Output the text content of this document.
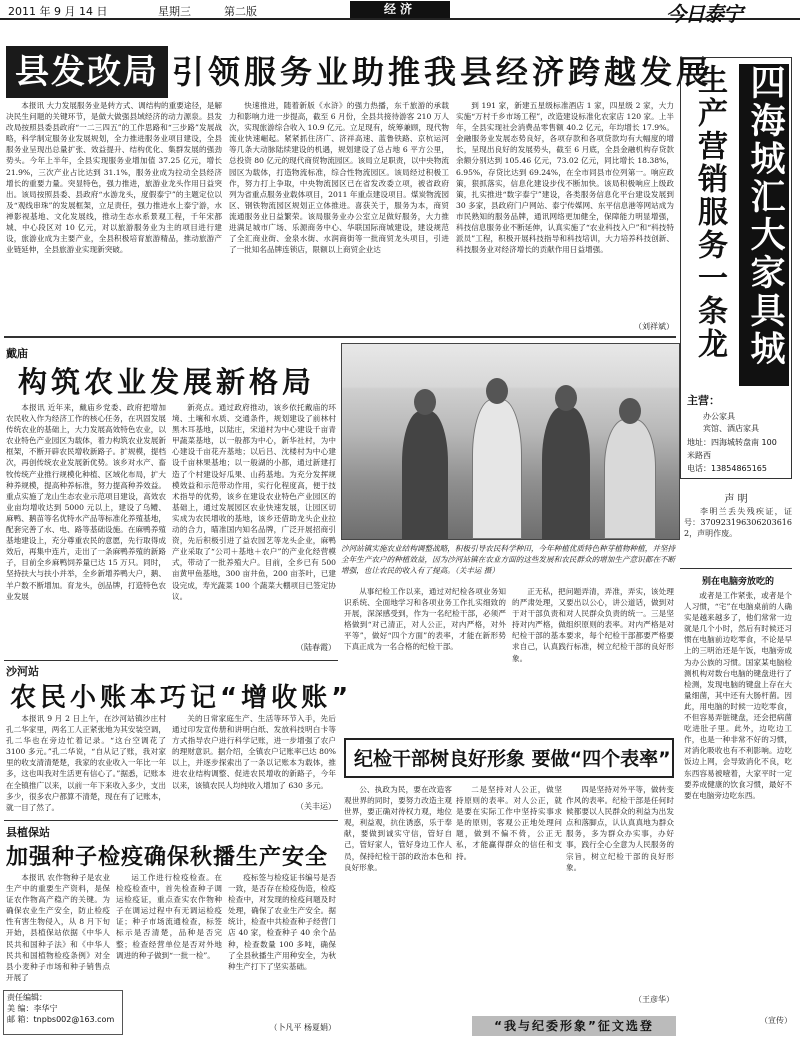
2011 年 9 月 14 日	星期三	第二版	经济	今日泰宁
县发改局 引领服务业助推我县经济跨越发展

本报讯 大力发展服务业是转方式、调结构的重要途径，是解决民生问题的关键环节，是做大做强县域经济的动力源泉。县发改局按照县委县政府“一二三四五”的工作思路和“三步路”发展战略，科学制定服务业发展规划，全力推进服务业项目建设，全县服务业呈现出总量扩张、效益提升、结构优化、集群发展的强劲势头。今年上半年，全县实现服务业增加值 37.25 亿元，增长 21.9%，三次产业占比达到 31.1%，服务业成为拉动全县经济增长的重要力量。突显特色，强力推进，旅游业龙头作用日益突出。该局按照县委、县政府“水游龙头，度假泰宁”的主题定位以及“观线串珠”的发展框架，立足责任，强力推进水上泰宁游，水禅影视基地、文化发展线，推动生态水系景观工程，千年宋都城、中心段区对 10 亿元，对以旅游服务业为主的项目进行建设，旅游业成为主要产业，全县积极培育旅游精品，推动旅游产业链延伸，全县旅游业实现新突破。

快速推进，随着新版《水浒》的强力热播，东千旅游的承载力和影响力进一步提高，截至 6 月份，全县共接待游客 210 万人次，实现旅游综合收入 10.9 亿元。立足现有，统筹兼顾，现代物流业快速崛起。紧紧抓住济广、济祥高速、蓝鲁铁路、京杭运河等几条大动脉陆续建设的机遇，规划建设了总占地 6 平方公里，总投资 80 亿元的现代商贸物流园区。该局立足职责，以中央物流园区为载体，打造物流标准，综合性物流园区。该局经过积极工作，努力打上争取，中央物流园区已在省发改委立项，被省政府列为省重点服务业载体项目，2011 年重点建设项目。煤炭物流园区、钢铁物流园区规划正立体推进。喜获关于，服务为本，商贸流通服务业日益繁荣。该局服务业办公室立足做好服务，大力推进满足城市广场、乐源商务中心、华联国际商城建设，建设规范了全汇商业街、金泉水街、水润商街等一批商贸龙头项目，引进了一批知名品牌连锁店，限额以上商贸企业达

到 191 家，新建五星级标准酒店 1 家，四星级 2 家，大力实施“万村千乡市场工程”，改造建设标准化农家店 120 家。上半年，全县实现社会消费品零售额 40.2 亿元，年均增长 17.9%。金融服务业发展态势良好，各项存款和各项贷款均有大幅度的增长，呈现出良好的发展势头，截至 6 月底，全县金融机构存贷款余额分别达到 105.46 亿元，73.02 亿元，同比增长 18.38%，6.95%，存贷比达到 69.24%，在全市同县市位列第一。响应政策，狠抓落实，信息化建设步伐不断加快。该局积极响应上级政策，扎实推进“数字泰宁”建设，各类服务信息化平台建设发展到 30 多家，县政府门户网站、泰宁传媒网、东平信息港等网站成为市民熟知的服务品牌，通讯网络更加健全，保障能力明显增强，科技信息服务业不断延伸，认真实施了“农业科技入户”和“科技特派员”工程，积极开展科技指导和科技培训，大力培养科技创新、科技服务业对经济增长的贡献作用日益增强。

（刘祥斌） 四海城汇大家具城
生产营销服务一条龙
主营：
办公家具
宾馆、酒店家具
地址：四海城转盘南 100 米路西
电话：13854865165
声 明

李明兰丢失残疾证，证号：370923196306203616 2，声明作废。

别在电脑旁放吃的

或者是工作紧张，或者是个人习惯，“宅”在电脑桌前的人确实是越来越多了，他们常常一边就是几个小时，然后有时候还习惯在电脑前边吃零食，不论是早上的三明治还是午饭，电脑旁成为办公族的习惯。国家某电脑检测机构对数台电脑的键盘进行了检测，发现电脑的键盘上存在大量细菌，其中还有大肠杆菌。因此，用电脑的时候一边吃零食，不但容易弄脏键盘，还会把病菌吃进肚子里。此外，边吃边工作，也是一种非常不好的习惯，对消化吸收也有不利影响。边吃饭边上网，会导致消化不良，吃东西容易被噎着，大家平时一定要养成健康的饮食习惯，最好不要在电脑旁边吃东西。

（宣传）
戴庙
构筑农业发展新格局

本报讯 近年来，戴庙乡党委、政府把增加农民收入作为经济工作的核心任务，在巩固发展传统农业的基础上，大力发展高效特色农业，以农业特色产业园区为载体，着力构筑农业发展新框架，不断开辟农民增收新路子。扩规模，提档次，再创传统农业发展新优势。该乡对水产、畜牧传统产业推行规模化种植、区域化布局，扩大种养规模，提高种养标准，努力提高种养效益。重点实施了龙山生态农业示范项目建设，高效农业亩均增收达到 5000 元以上，建设了乌鳢、麻鸭、鹅苗等名优特水产品等标准化养殖基地，配套完善了水、电、路等基础设施。在麻鸭养殖基地建设上，充分尊重农民的意愿，先行取得成效后，再集中连片，走出了一条麻鸭养殖的新路子，目前全乡麻鸭饲养量已达 15 万只。同时，坚持扶大与扶小并举，全乡新增养鸭大户，鹅、羊户数不断增加。育龙头，创品牌，打造特色农业发展

新亮点。通过政府推动，该乡依托戴庙的环境、土壤和水质、交通条件，规划建设了前林村黑木耳基地，以陆庄，宋道村为中心建设千亩青甲蔬菜基地，以一般都为中心，新华社村，为中心建设千亩花卉基地；以后吕、沈楼村为中心建设千亩林果基地；以一般湖的小都，通过新建打造了个村建设好瓜果、山药基地。为充分发挥规模效益和示范带动作用，实行化程度高，便于技术指导的优势，该乡在建设农业特色产业园区的基础上，通过发展园区农业快速发展，让园区切实成为农民增收的基地，该乡还借助龙头企业拉动的合力，瞄准国内知名品牌，广泛开展招商引资，先后积极引进了益农园艺等龙头企业，麻鸭产业采取了“公司＋基地＋农户”的产业化经营模式，带动了一批养殖大户。目前，全乡已有 500 亩黄甲鱼基地，300 亩井鱼，200 亩茶叶，已建设完成，寿光蔬菜 100 个蔬菜大棚项目已签定协议。

（陆春霞）
沙河站镇实施农业结构调整战略，积极引导农民科学种田，今年种植优质特色种芽植物种植，并坚持全年生产农户的种植效益，因为沙河站镇在农业方面的这些发展和农民群众的增加生产意识都在不断增强，也让农民的收入有了提高。（关丰运 摄）
沙河站
农民小账本巧记“增收账”

本报讯 9 月 2 日上午，在沙河站镇沙庄村孔二华家里，两名工人正紧张地为其安装空调，孔二华也在旁边忙着记录。“这台空调花了 3100 多元。”孔二华说，“自从记了账，我对家里的收支清清楚楚，我家的农业收入一年比一年多，这也叫我对生活更有信心了。”据悉，记账本在全镇推广以来，以前一年下来收入多少，支出多少，很多农户都算不清楚，现在有了记账本，就一目了然了。

关的日常家庭生产、生活等环节入手，先后通过印发宣传册和讲明白纸、发放科技明白卡等方式指导农户进行科学记账，进一步增强了农户的理财意识。据介绍，全镇农户记账率已达 80%以上，并逐步探索出了一条以记账本为载体，推进农业结构调整、促进农民增收的新路子，今年以来，该镇农民人均纯收入增加了 630 多元。

（关丰运）
县植保站
加强种子检疫确保秋播生产安全

本报讯 农作物种子是农业生产中的重要生产资料，是保证农作物高产稳产的关键。为确保农业生产安全，防止检疫性有害生物侵入，从 8 月下旬开始，县植保站依据《中华人民共和国种子法》和《中华人民共和国植物检疫条例》对全县小麦种子市场和种子销售点开展了

运工作进行检疫检查。在检疫检查中，首先检查种子调运检疫证，重点查实农作物种子在调运过程中有无调运检疫证；种子市场流通检查，标签标示是否清楚，品种是否完整；检查经营单位是否对外地调进的种子做到“一批一检”。

疫标签与检疫证书编号是否一致，是否存在检疫伪造，检疫检查中，对发现的检疫问题及时处理，确保了农业生产安全。据统计，检查中共检查种子经营门店 40 家，检查种子 40 余个品种，检查数量 100 多吨，确保了全县秋播生产用种安全，为秋种生产打下了坚实基础。

（卜凡平 杨夏娟）
责任编辑：
美 编：李华宁
邮 箱：tnpbs002@163.com

从事纪检工作以来，通过对纪检各项业务知识系统、全面地学习和各项业务工作扎实细致的开展，深深感受到，作为一名纪检干部，必须严格做到“对己清正，对人公正，对内严格，对外平等”，做好“四个方面”的表率，才能在新形势下真正成为一名合格的纪检干部。

正无私，把问题弄清，弄准，弄实，该处理的严肃处理，又要出以公心，讲公道话，做到对于对干部负责和对人民群众负责的统一。三是坚持对内严格，做组织原则的表率。对内严格是对纪检干部的基本要求，每个纪检干部都要严格要求自己，认真践行标准，树立纪检干部的良好形象。

纪检干部树良好形象 要做“四个表率”

公、执政为民，要在改造客观世界的同时，要努力改造主观世界，要正确对待权力观，地位观，利益观，抗住诱惑，乐于奉献，要做到诚实守信，管好自己，管好家人，管好身边工作人员，保持纪检干部的政治本色和良好形象。

二是坚持对人公正，做坚持原则的表率。对人公正，就是要在实际工作中坚持实事求是的原则，客观公正地处理问题，做到不偏不倚，公正无私，才能赢得群众的信任和支持。

四是坚持对外平等，做转变作风的表率。纪检干部是任何时候都要以人民群众的利益为出发点和落脚点，认认真真地为群众服务，多为群众办实事，办好事，践行全心全意为人民服务的宗旨，树立纪检干部的良好形象。

（王彦华）
“我与纪委形象”征文选登
